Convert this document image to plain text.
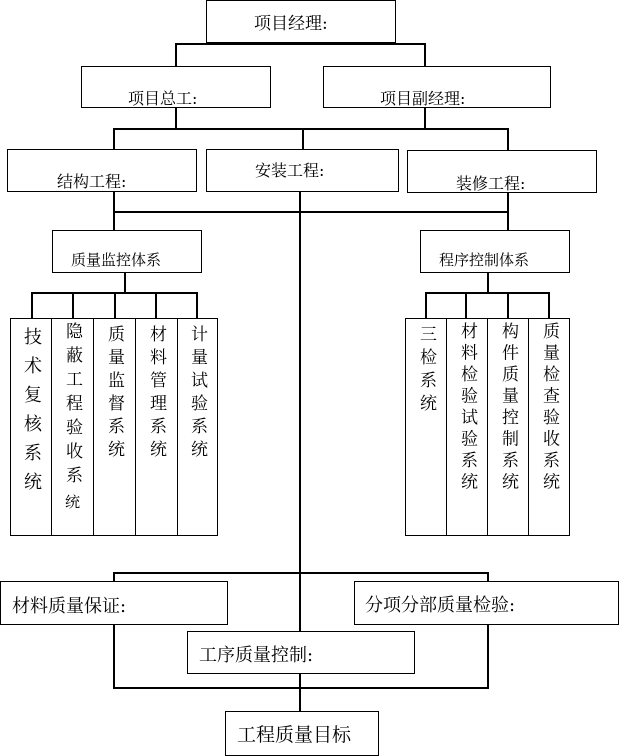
项目经理:
项目总工:	项目副经理:
结构工程:
安装工程:
装修工程:
质量监控体系	程序控制体系
技术复核系统 隐蔽工程验收系
统
质量监督系统 材料管理系统 计量试验系统	三检系统 材料检验试验系统 构件质量控制系统 质量检查验收系统
材料质量保证:	分项分部质量检验:
工序质量控制:
工程质量目标
